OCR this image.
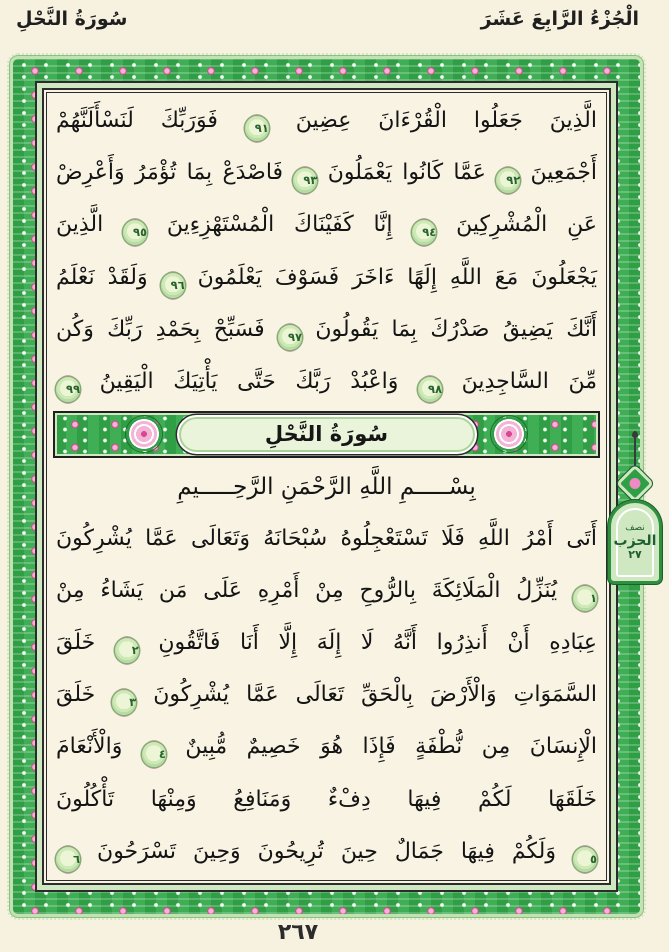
الْجُزْءُ الرَّابِعَ عَشَرَ
سُورَةُ النَّحْلِ
الَّذِينَ جَعَلُوا الْقُرْءَانَ عِضِينَ ٩١ فَوَرَبِّكَ لَنَسْأَلَنَّهُمْ
أَجْمَعِينَ ٩٢ عَمَّا كَانُوا يَعْمَلُونَ ٩٣ فَاصْدَعْ بِمَا تُؤْمَرُ وَأَعْرِضْ
عَنِ الْمُشْرِكِينَ ٩٤ إِنَّا كَفَيْنَاكَ الْمُسْتَهْزِءِينَ ٩٥ الَّذِينَ
يَجْعَلُونَ مَعَ اللَّهِ إِلَهًا ءَاخَرَ فَسَوْفَ يَعْلَمُونَ ٩٦ وَلَقَدْ نَعْلَمُ
أَنَّكَ يَضِيقُ صَدْرُكَ بِمَا يَقُولُونَ ٩٧ فَسَبِّحْ بِحَمْدِ رَبِّكَ وَكُن
مِّنَ السَّاجِدِينَ ٩٨ وَاعْبُدْ رَبَّكَ حَتَّى يَأْتِيَكَ الْيَقِينُ ٩٩
سُورَةُ النَّحْلِ
بِسْـــــمِ اللَّهِ الرَّحْمَنِ الرَّحِـــــيمِ
أَتَى أَمْرُ اللَّهِ فَلَا تَسْتَعْجِلُوهُ سُبْحَانَهُ وَتَعَالَى عَمَّا يُشْرِكُونَ
١ يُنَزِّلُ الْمَلَائِكَةَ بِالرُّوحِ مِنْ أَمْرِهِ عَلَى مَن يَشَاءُ مِنْ
عِبَادِهِ أَنْ أَنذِرُوا أَنَّهُ لَا إِلَهَ إِلَّا أَنَا فَاتَّقُونِ ٢ خَلَقَ
السَّمَوَاتِ وَالْأَرْضَ بِالْحَقِّ تَعَالَى عَمَّا يُشْرِكُونَ ٣ خَلَقَ
الْإِنسَانَ مِن نُّطْفَةٍ فَإِذَا هُوَ خَصِيمٌ مُّبِينٌ ٤ وَالْأَنْعَامَ
خَلَقَهَا لَكُمْ فِيهَا دِفْءٌ وَمَنَافِعُ وَمِنْهَا تَأْكُلُونَ
٥ وَلَكُمْ فِيهَا جَمَالٌ حِينَ تُرِيحُونَ وَحِينَ تَسْرَحُونَ ٦
نصف
الحزب
٢٧
٢٦٧
